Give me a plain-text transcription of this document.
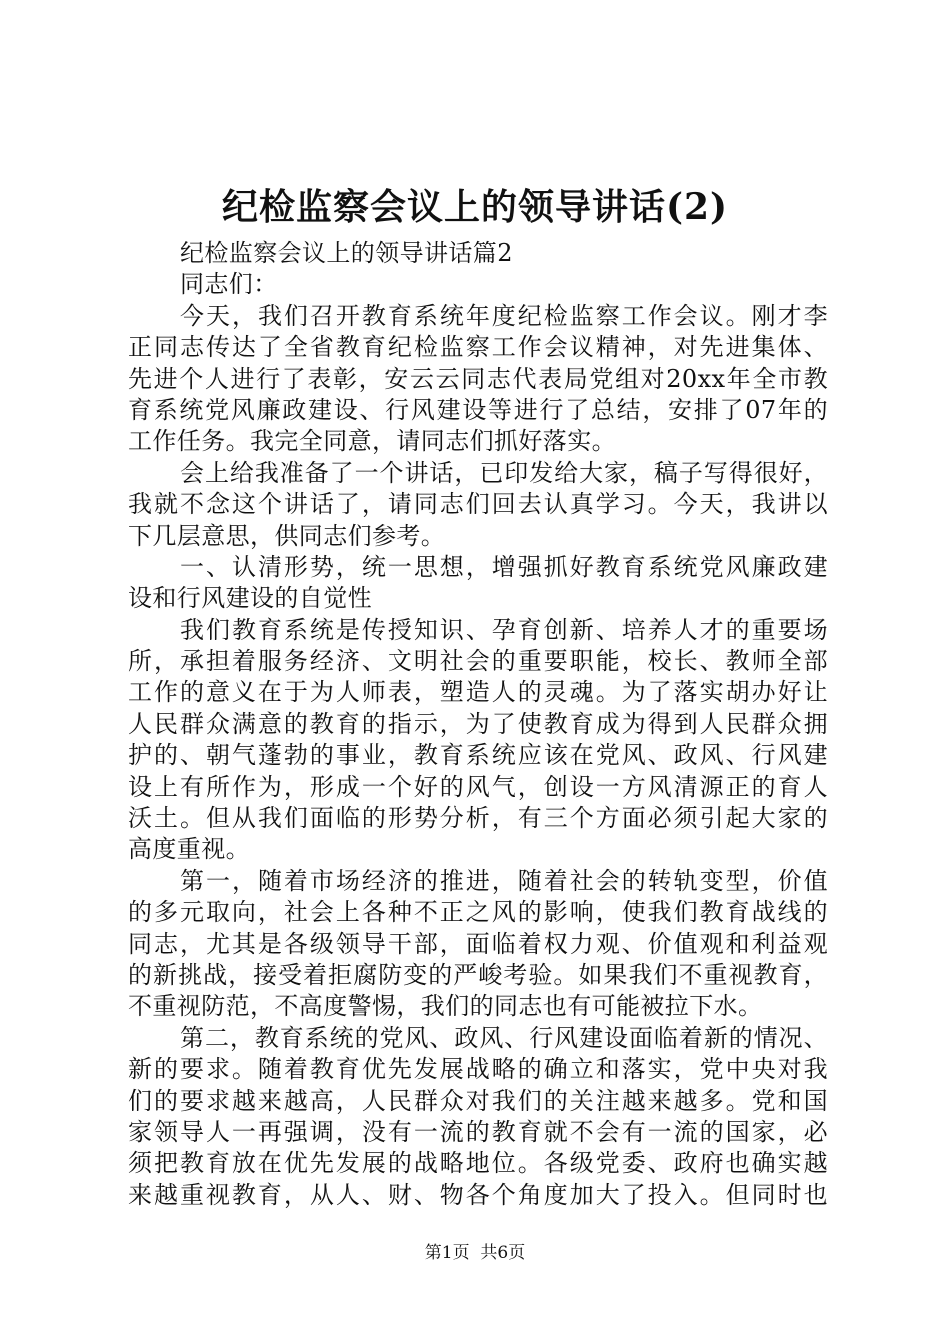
纪检监察会议上的领导讲话(2)
纪检监察会议上的领导讲话篇2
同志们：
今天，我们召开教育系统年度纪检监察工作会议。刚才李
正同志传达了全省教育纪检监察工作会议精神，对先进集体、
先进个人进行了表彰，安云云同志代表局党组对20xx年全市教
育系统党风廉政建设、行风建设等进行了总结，安排了07年的
工作任务。我完全同意，请同志们抓好落实。
会上给我准备了一个讲话，已印发给大家，稿子写得很好，
我就不念这个讲话了，请同志们回去认真学习。今天，我讲以
下几层意思，供同志们参考。
一、认清形势，统一思想，增强抓好教育系统党风廉政建
设和行风建设的自觉性
我们教育系统是传授知识、孕育创新、培养人才的重要场
所，承担着服务经济、文明社会的重要职能，校长、教师全部
工作的意义在于为人师表，塑造人的灵魂。为了落实胡办好让
人民群众满意的教育的指示，为了使教育成为得到人民群众拥
护的、朝气蓬勃的事业，教育系统应该在党风、政风、行风建
设上有所作为，形成一个好的风气，创设一方风清源正的育人
沃土。但从我们面临的形势分析，有三个方面必须引起大家的
高度重视。
第一，随着市场经济的推进，随着社会的转轨变型，价值
的多元取向，社会上各种不正之风的影响，使我们教育战线的
同志，尤其是各级领导干部，面临着权力观、价值观和利益观
的新挑战，接受着拒腐防变的严峻考验。如果我们不重视教育，
不重视防范，不高度警惕，我们的同志也有可能被拉下水。
第二，教育系统的党风、政风、行风建设面临着新的情况、
新的要求。随着教育优先发展战略的确立和落实，党中央对我
们的要求越来越高，人民群众对我们的关注越来越多。党和国
家领导人一再强调，没有一流的教育就不会有一流的国家，必
须把教育放在优先发展的战略地位。各级党委、政府也确实越
来越重视教育，从人、财、物各个角度加大了投入。但同时也
第1页  共6页
